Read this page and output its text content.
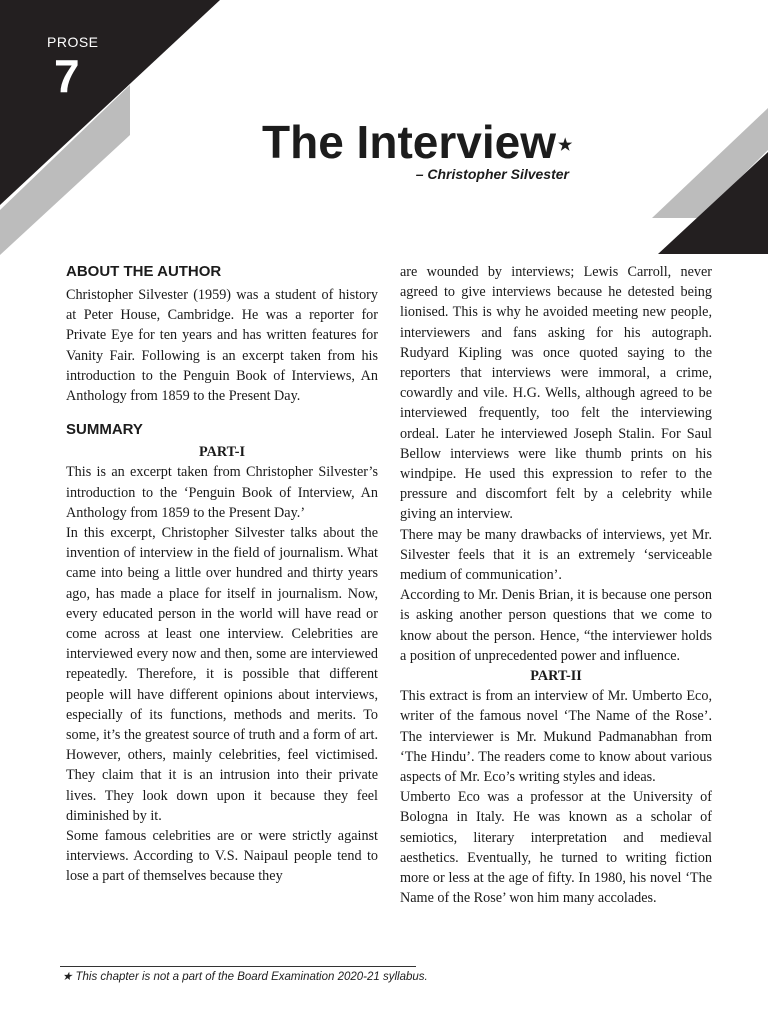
PROSE
7
The Interview ★
– Christopher Silvester
ABOUT THE AUTHOR

Christopher Silvester (1959) was a student of history at Peter House, Cambridge. He was a reporter for Private Eye for ten years and has written features for Vanity Fair. Following is an excerpt taken from his introduction to the Penguin Book of Interviews, An Anthology from 1859 to the Present Day.

SUMMARY

PART-I

This is an excerpt taken from Christopher Silvester’s introduction to the ‘Penguin Book of Interview, An Anthology from 1859 to the Present Day.’

In this excerpt, Christopher Silvester talks about the invention of interview in the field of journalism. What came into being a little over hundred and thirty years ago, has made a place for itself in journalism. Now, every educated person in the world will have read or come across at least one interview. Celebrities are interviewed every now and then, some are interviewed repeatedly. Therefore, it is possible that different people will have different opinions about interviews, especially of its functions, methods and merits. To some, it’s the greatest source of truth and a form of art. However, others, mainly celebrities, feel victimised. They claim that it is an intrusion into their private lives. They look down upon it because they feel diminished by it.

Some famous celebrities are or were strictly against interviews. According to V.S. Naipaul people tend to lose a part of themselves because they

are wounded by interviews; Lewis Carroll, never agreed to give interviews because he detested being lionised. This is why he avoided meeting new people, interviewers and fans asking for his autograph. Rudyard Kipling was once quoted saying to the reporters that interviews were immoral, a crime, cowardly and vile. H.G. Wells, although agreed to be interviewed frequently, too felt the interviewing ordeal. Later he interviewed Joseph Stalin. For Saul Bellow interviews were like thumb prints on his windpipe. He used this expression to refer to the pressure and discomfort felt by a celebrity while giving an interview.

There may be many drawbacks of interviews, yet Mr. Silvester feels that it is an extremely ‘serviceable medium of communication’.

According to Mr. Denis Brian, it is because one person is asking another person questions that we come to know about the person. Hence, “the interviewer holds a position of unprecedented power and influence.

PART-II

This extract is from an interview of Mr. Umberto Eco, writer of the famous novel ‘The Name of the Rose’. The interviewer is Mr. Mukund Padmanabhan from ‘The Hindu’. The readers come to know about various aspects of Mr. Eco’s writing styles and ideas.

Umberto Eco was a professor at the University of Bologna in Italy. He was known as a scholar of semiotics, literary interpretation and medieval aesthetics. Eventually, he turned to writing fiction more or less at the age of fifty. In 1980, his novel ‘The Name of the Rose’ won him many accolades.

★ This chapter is not a part of the Board Examination 2020-21 syllabus.
